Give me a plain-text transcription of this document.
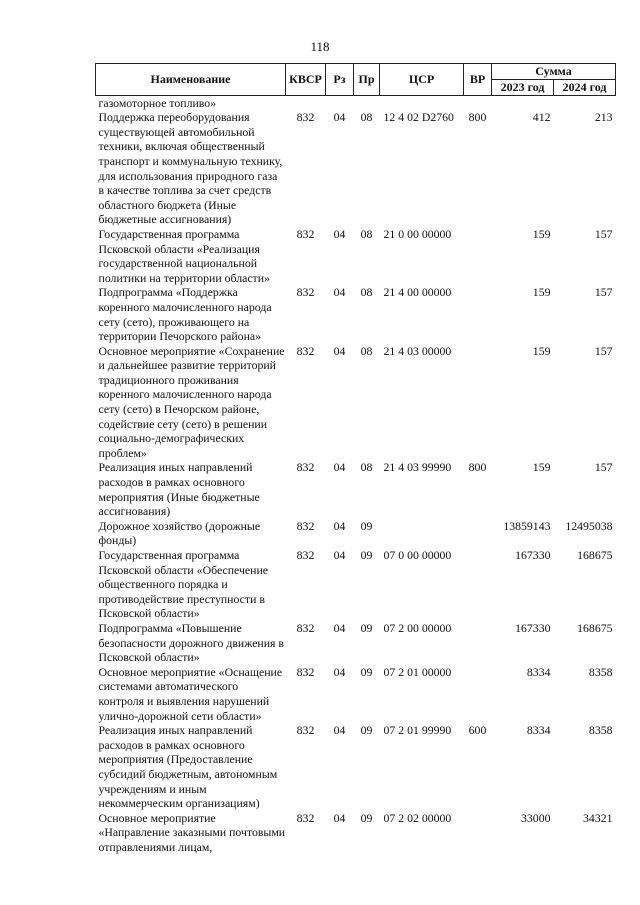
118
Наименование	КВСР	Рз	Пр	ЦСР	ВР	Сумма	
						2023 год	2024 год
газомоторное топливо»							
Поддержка переоборудования существующей автомобильной техники, включая общественный транспорт и коммунальную технику, для использования природного газа в качестве топлива за счет средств областного бюджета (Иные бюджетные ассигнования)	832	04	08	12 4 02 D2760	800	412	213
Государственная программа Псковской области «Реализация государственной национальной политики на территории области»	832	04	08	21 0 00 00000		159	157
Подпрограмма «Поддержка коренного малочисленного народа сету (сето), проживающего на территории Печорского района»	832	04	08	21 4 00 00000		159	157
Основное мероприятие «Сохранение и дальнейшее развитие территорий традиционного проживания коренного малочисленного народа сету (сето) в Печорском районе, содействие сету (сето) в решении социально-демографических проблем»	832	04	08	21 4 03 00000		159	157
Реализация иных направлений расходов в рамках основного мероприятия (Иные бюджетные ассигнования)	832	04	08	21 4 03 99990	800	159	157
Дорожное хозяйство (дорожные фонды)	832	04	09			13859143	12495038
Государственная программа Псковской области «Обеспечение общественного порядка и противодействие преступности в Псковской области»	832	04	09	07 0 00 00000		167330	168675
Подпрограмма «Повышение безопасности дорожного движения в Псковской области»	832	04	09	07 2 00 00000		167330	168675
Основное мероприятие «Оснащение системами автоматического контроля и выявления нарушений улично-дорожной сети области»	832	04	09	07 2 01 00000		8334	8358
Реализация иных направлений расходов в рамках основного мероприятия (Предоставление субсидий бюджетным, автономным учреждениям и иным некоммерческим организациям)	832	04	09	07 2 01 99990	600	8334	8358
Основное мероприятие «Направление заказными почтовыми отправлениями лицам,	832	04	09	07 2 02 00000		33000	34321
